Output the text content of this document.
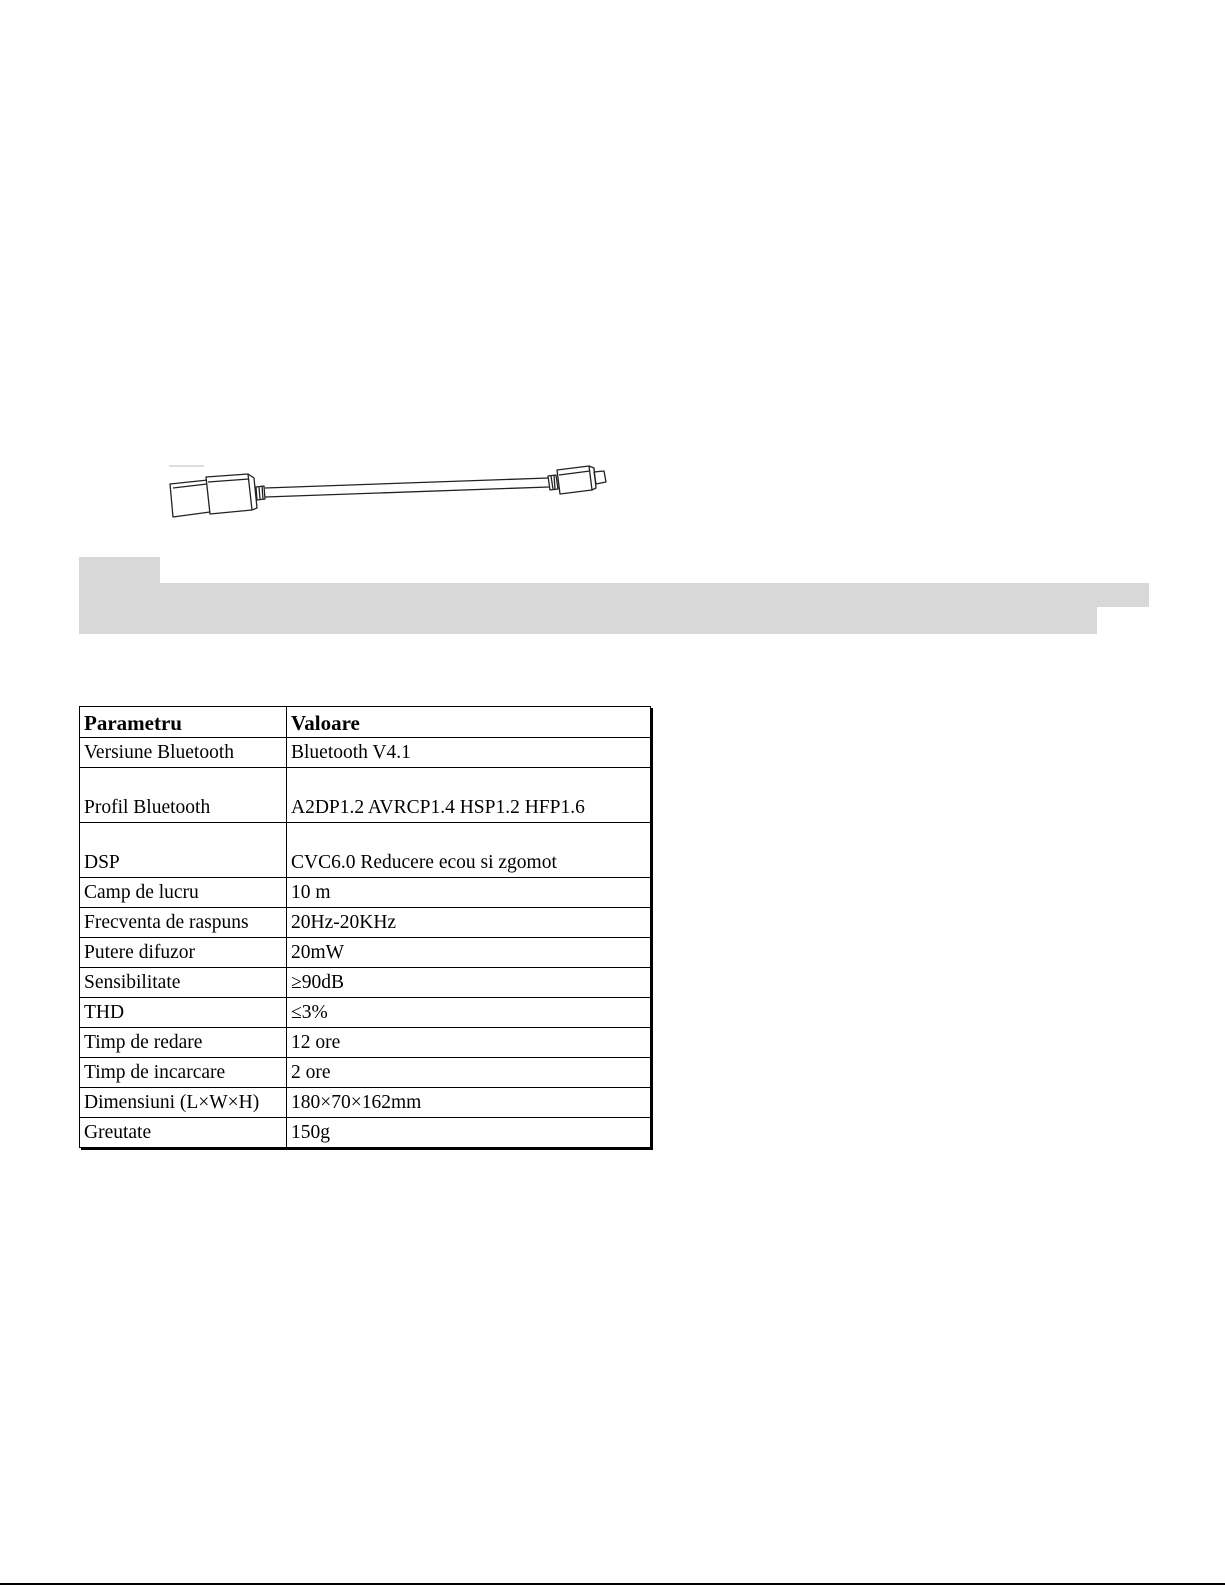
Parametru	Valoare
Versiune Bluetooth	Bluetooth V4.1
Profil Bluetooth	A2DP1.2 AVRCP1.4 HSP1.2 HFP1.6
DSP	CVC6.0 Reducere ecou si zgomot
Camp de lucru	10 m
Frecventa de raspuns	20Hz-20KHz
Putere difuzor	20mW
Sensibilitate	≥90dB
THD	≤3%
Timp de redare	12 ore
Timp de incarcare	2 ore
Dimensiuni (L×W×H)	180×70×162mm
Greutate	150g
